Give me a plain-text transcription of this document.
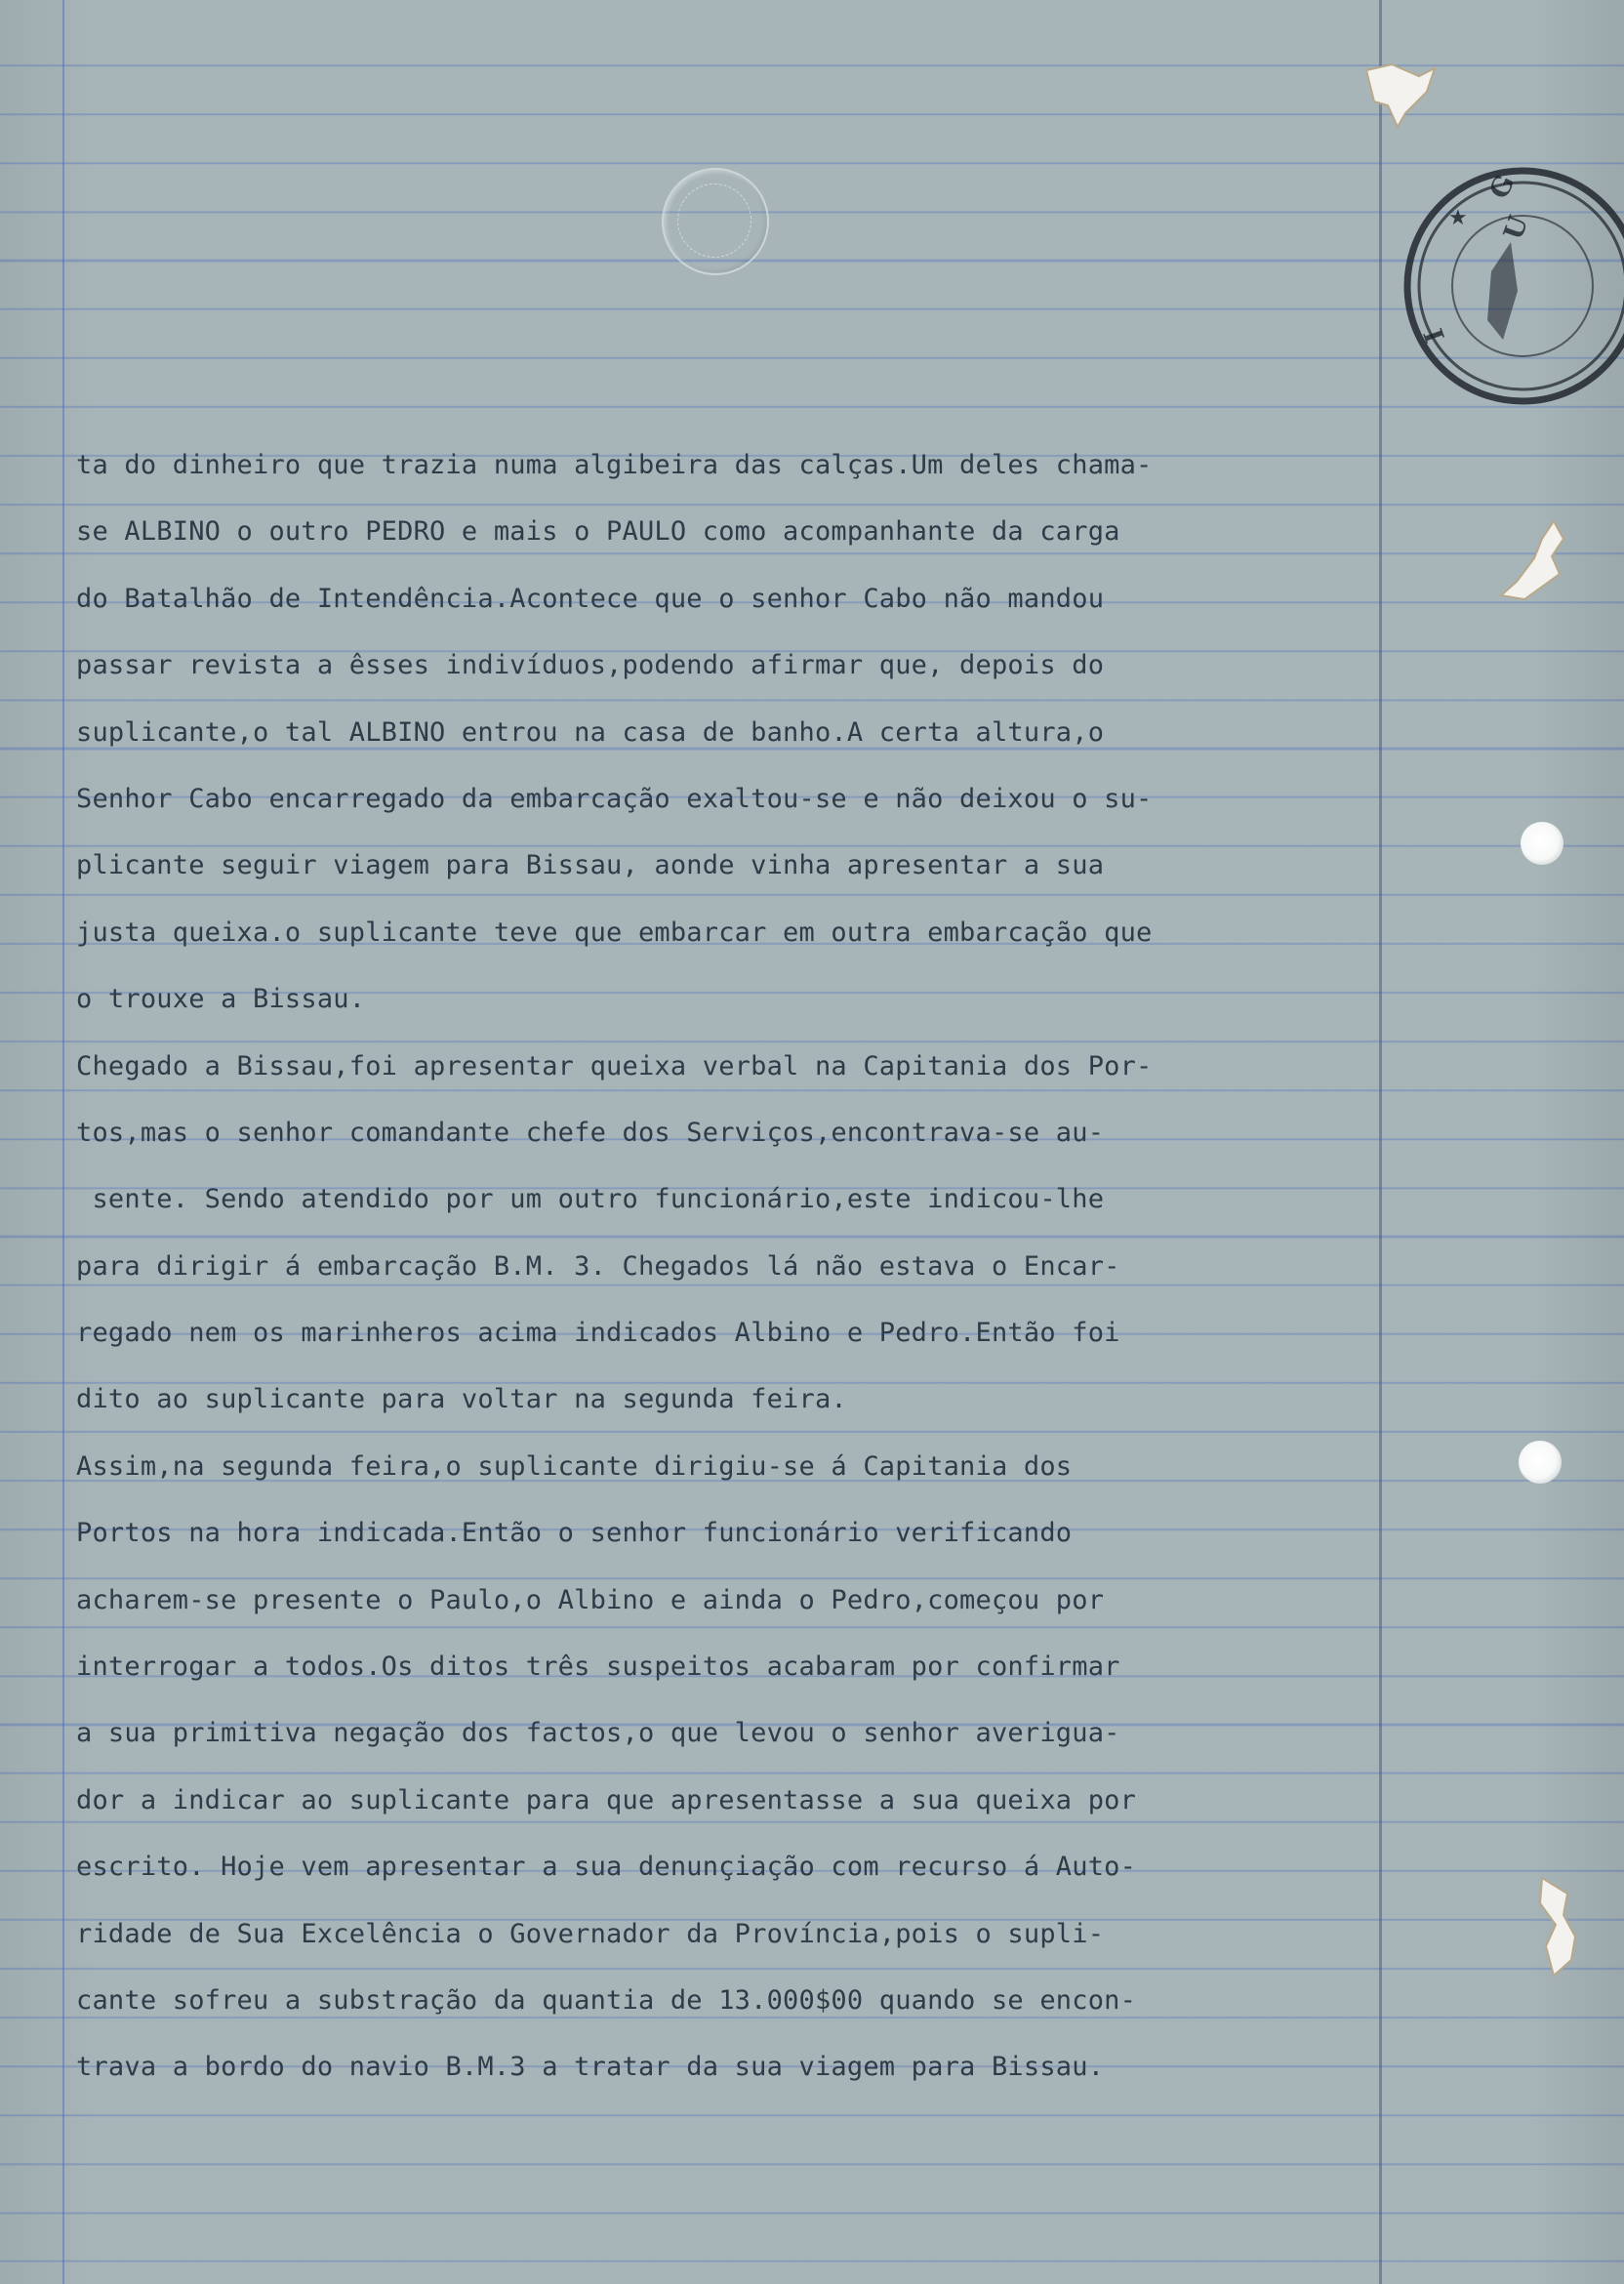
★
G
U
I
ta do dinheiro que trazia numa algibeira das calças.Um deles chama-
se ALBINO o outro PEDRO e mais o PAULO como acompanhante da carga
do Batalhão de Intendência.Acontece que o senhor Cabo não mandou
passar revista a êsses indivíduos,podendo afirmar que, depois do
suplicante,o tal ALBINO entrou na casa de banho.A certa altura,o
Senhor Cabo encarregado da embarcação exaltou-se e não deixou o su-
plicante seguir viagem para Bissau, aonde vinha apresentar a sua
justa queixa.o suplicante teve que embarcar em outra embarcação que
o trouxe a Bissau.
Chegado a Bissau,foi apresentar queixa verbal na Capitania dos Por-
tos,mas o senhor comandante chefe dos Serviços,encontrava-se au-
sente. Sendo atendido por um outro funcionário,este indicou-lhe
para dirigir á embarcação B.M. 3. Chegados lá não estava o Encar-
regado nem os marinheros acima indicados Albino e Pedro.Então foi
dito ao suplicante para voltar na segunda feira.
Assim,na segunda feira,o suplicante dirigiu-se á Capitania dos
Portos na hora indicada.Então o senhor funcionário verificando
acharem-se presente o Paulo,o Albino e ainda o Pedro,começou por
interrogar a todos.Os ditos três suspeitos acabaram por confirmar
a sua primitiva negação dos factos,o que levou o senhor averigua-
dor a indicar ao suplicante para que apresentasse a sua queixa por
escrito. Hoje vem apresentar a sua denunçiação com recurso á Auto-
ridade de Sua Excelência o Governador da Província,pois o supli-
cante sofreu a substração da quantia de 13.000$00 quando se encon-
trava a bordo do navio B.M.3 a tratar da sua viagem para Bissau.
